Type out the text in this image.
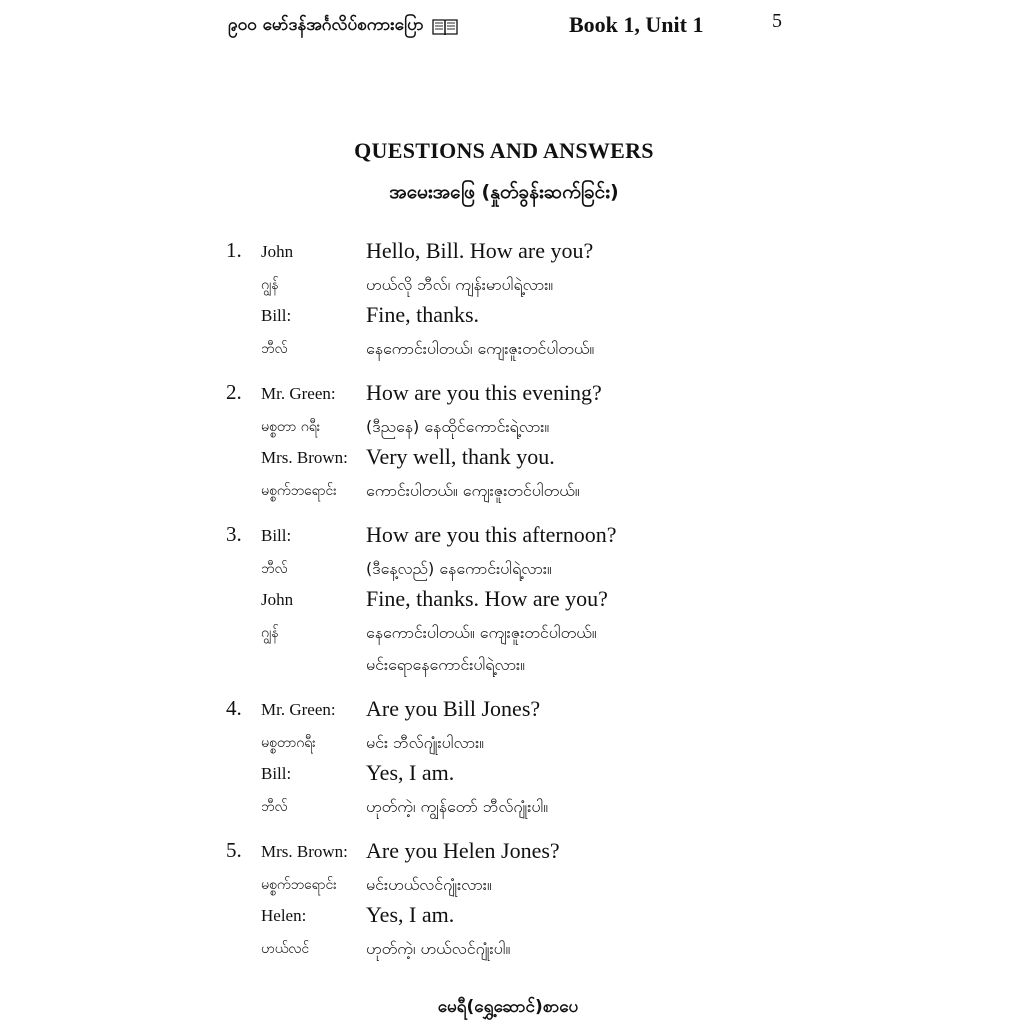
၉၀၀ မော်ဒန်အင်္ဂလိပ်စကားပြော	Book 1, Unit 1	5
QUESTIONS AND ANSWERS
အမေးအဖြေ (နှုတ်ခွန်းဆက်ခြင်း)
1. John	Hello, Bill. How are you?
ဂျွန်	ဟယ်လို ဘီလ်၊ ကျန်းမာပါရဲ့လား။
Bill:	Fine, thanks.
ဘီလ်	နေကောင်းပါတယ်၊ ကျေးဇူးတင်ပါတယ်။
2. Mr. Green: How are you this evening?
မစ္စတာ ဂရီး	(ဒီညနေ) နေထိုင်ကောင်းရဲ့လား။
Mrs. Brown: Very well, thank you.
မစ္စက်ဘရောင်း ကောင်းပါတယ်။ ကျေးဇူးတင်ပါတယ်။
3. Bill:	How are you this afternoon?
ဘီလ်	(ဒီနေ့လည်) နေကောင်းပါရဲ့လား။
John	Fine, thanks. How are you?
ဂျွန်	နေကောင်းပါတယ်။ ကျေးဇူးတင်ပါတယ်။
မင်းရောနေကောင်းပါရဲ့လား။
4. Mr. Green: Are you Bill Jones?
မစ္စတာဂရီး	မင်း ဘီလ်ဂျုံးပါလား။
Bill:	Yes, I am.
ဘီလ်	ဟုတ်ကဲ့၊ ကျွန်တော် ဘီလ်ဂျုံးပါ။
5. Mrs. Brown: Are you Helen Jones?
မစ္စက်ဘရောင်း မင်းဟယ်လင်ဂျုံးလား။
Helen:	Yes, I am.
ဟယ်လင်	ဟုတ်ကဲ့၊ ဟယ်လင်ဂျုံးပါ။
မေရီ(ရွှေ့ဆောင်)စာပေ
